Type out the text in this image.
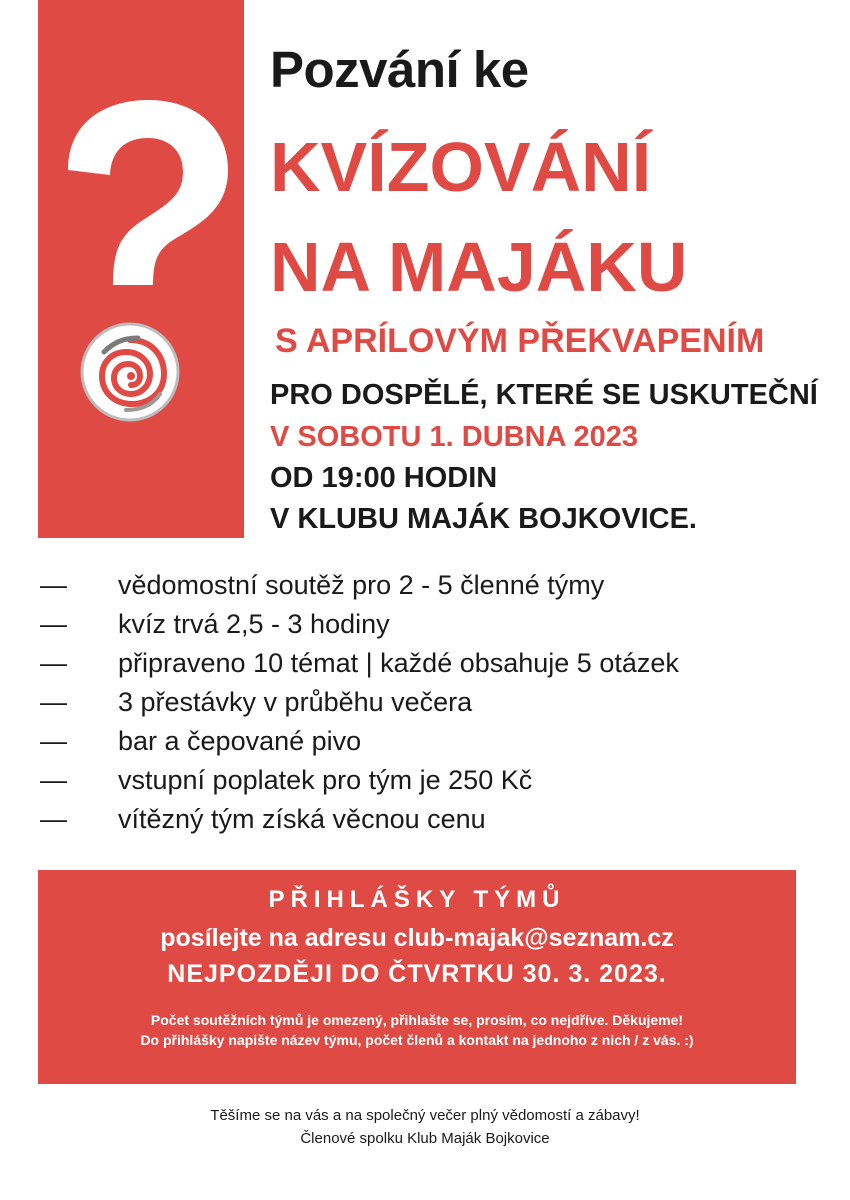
Pozvání ke
KVÍZOVÁNÍ
NA MAJÁKU
S APRÍLOVÝM PŘEKVAPENÍM
PRO DOSPĚLÉ, KTERÉ SE USKUTEČNÍ
V SOBOTU 1. DUBNA 2023
OD 19:00 HODIN
V KLUBU MAJÁK BOJKOVICE.
—	vědomostní soutěž pro 2 - 5 členné týmy
—	kvíz trvá 2,5 - 3 hodiny
—	připraveno 10 témat | každé obsahuje 5 otázek
—	3 přestávky v průběhu večera
—	bar a čepované pivo
—	vstupní poplatek pro tým je 250 Kč
—	vítězný tým získá věcnou cenu
PŘIHLÁŠKY TÝMŮ
posílejte na adresu club-majak@seznam.cz
NEJPOZDĚJI DO ČTVRTKU 30. 3. 2023.
Počet soutěžních týmů je omezený, přihlašte se, prosím, co nejdříve. Děkujeme!
Do přihlášky napište název týmu, počet členů a kontakt na jednoho z nich / z vás. :)
Těšíme se na vás a na společný večer plný vědomostí a zábavy!
Členové spolku Klub Maják Bojkovice
